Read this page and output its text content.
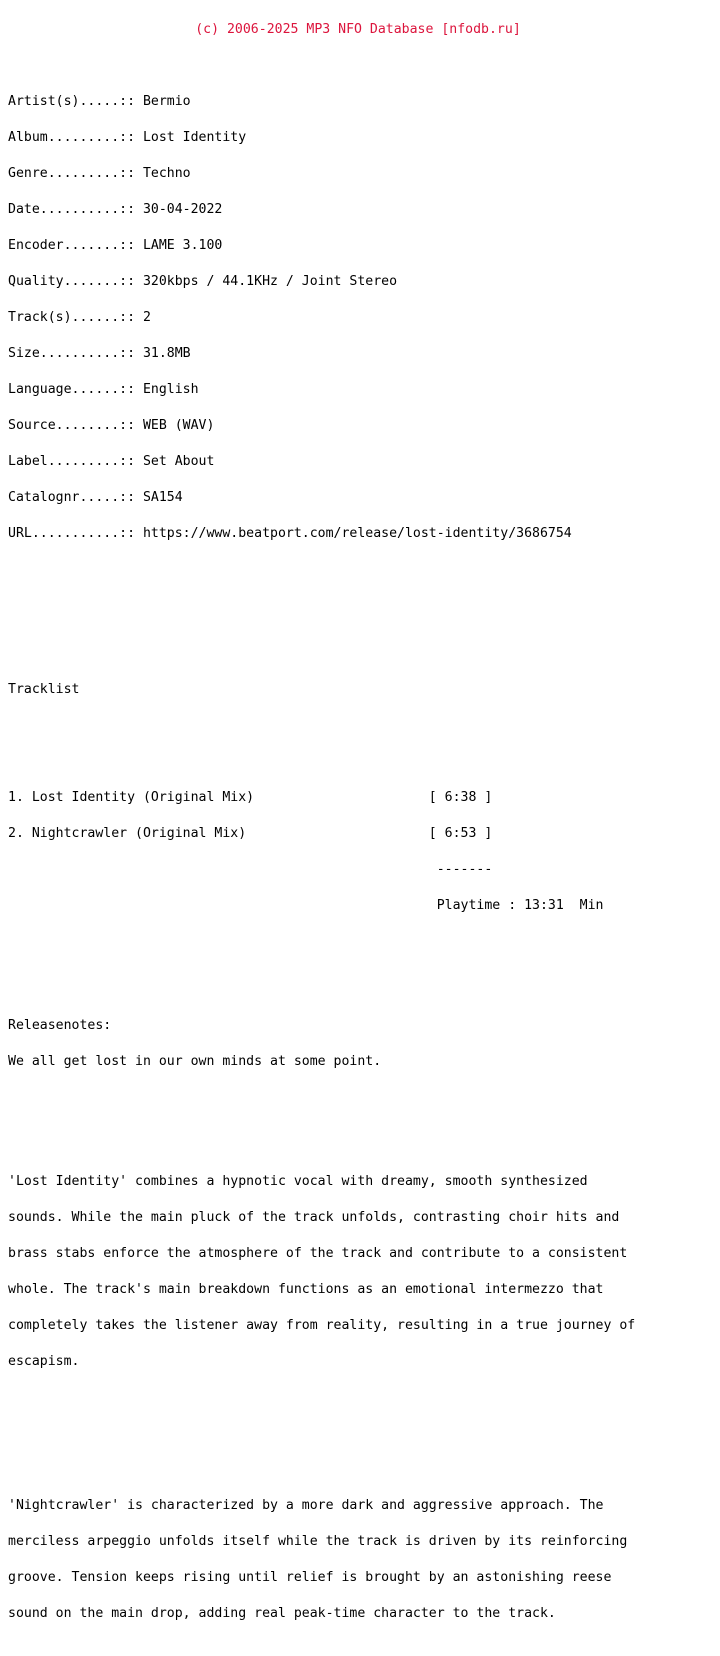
(c) 2006-2025 MP3 NFO Database [nfodb.ru]

Artist(s).....:: Bermio

Album.........:: Lost Identity

Genre.........:: Techno

Date..........:: 30-04-2022

Encoder.......:: LAME 3.100

Quality.......:: 320kbps / 44.1KHz / Joint Stereo

Track(s)......:: 2

Size..........:: 31.8MB

Language......:: English

Source........:: WEB (WAV)

Label.........:: Set About

Catalognr.....:: SA154

URL...........:: https://www.beatport.com/release/lost-identity/3686754

Tracklist

1. Lost Identity (Original Mix)                      [ 6:38 ]

2. Nightcrawler (Original Mix)                       [ 6:53 ]

-------

Playtime : 13:31  Min

Releasenotes:

We all get lost in our own minds at some point.

'Lost Identity' combines a hypnotic vocal with dreamy, smooth synthesized

sounds. While the main pluck of the track unfolds, contrasting choir hits and

brass stabs enforce the atmosphere of the track and contribute to a consistent

whole. The track's main breakdown functions as an emotional intermezzo that

completely takes the listener away from reality, resulting in a true journey of

escapism.

'Nightcrawler' is characterized by a more dark and aggressive approach. The

merciless arpeggio unfolds itself while the track is driven by its reinforcing

groove. Tension keeps rising until relief is brought by an astonishing reese

sound on the main drop, adding real peak-time character to the track.
